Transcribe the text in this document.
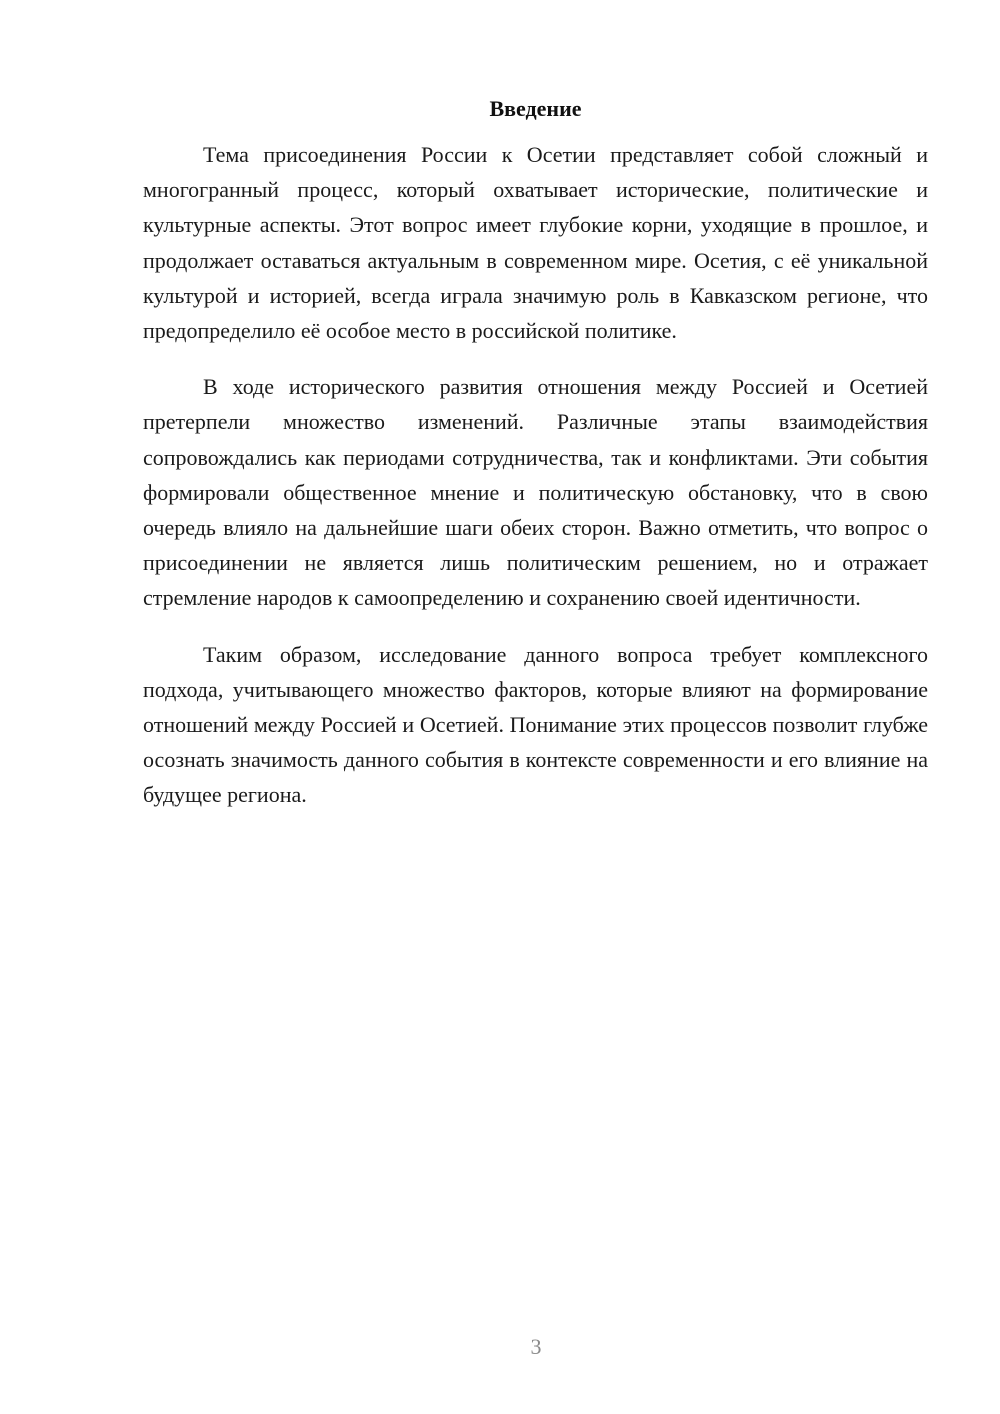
Введение

Тема присоединения России к Осетии представляет собой сложный и многогранный процесс, который охватывает исторические, политические и культурные аспекты. Этот вопрос имеет глубокие корни, уходящие в прошлое, и продолжает оставаться актуальным в современном мире. Осетия, с её уникальной культурой и историей, всегда играла значимую роль в Кавказском регионе, что предопределило её особое место в российской политике.

В ходе исторического развития отношения между Россией и Осетией претерпели множество изменений. Различные этапы взаимодействия сопровождались как периодами сотрудничества, так и конфликтами. Эти события формировали общественное мнение и политическую обстановку, что в свою очередь влияло на дальнейшие шаги обеих сторон. Важно отметить, что вопрос о присоединении не является лишь политическим решением, но и отражает стремление народов к самоопределению и сохранению своей идентичности.

Таким образом, исследование данного вопроса требует комплексного подхода, учитывающего множество факторов, которые влияют на формирование отношений между Россией и Осетией. Понимание этих процессов позволит глубже осознать значимость данного события в контексте современности и его влияние на будущее региона.

3
